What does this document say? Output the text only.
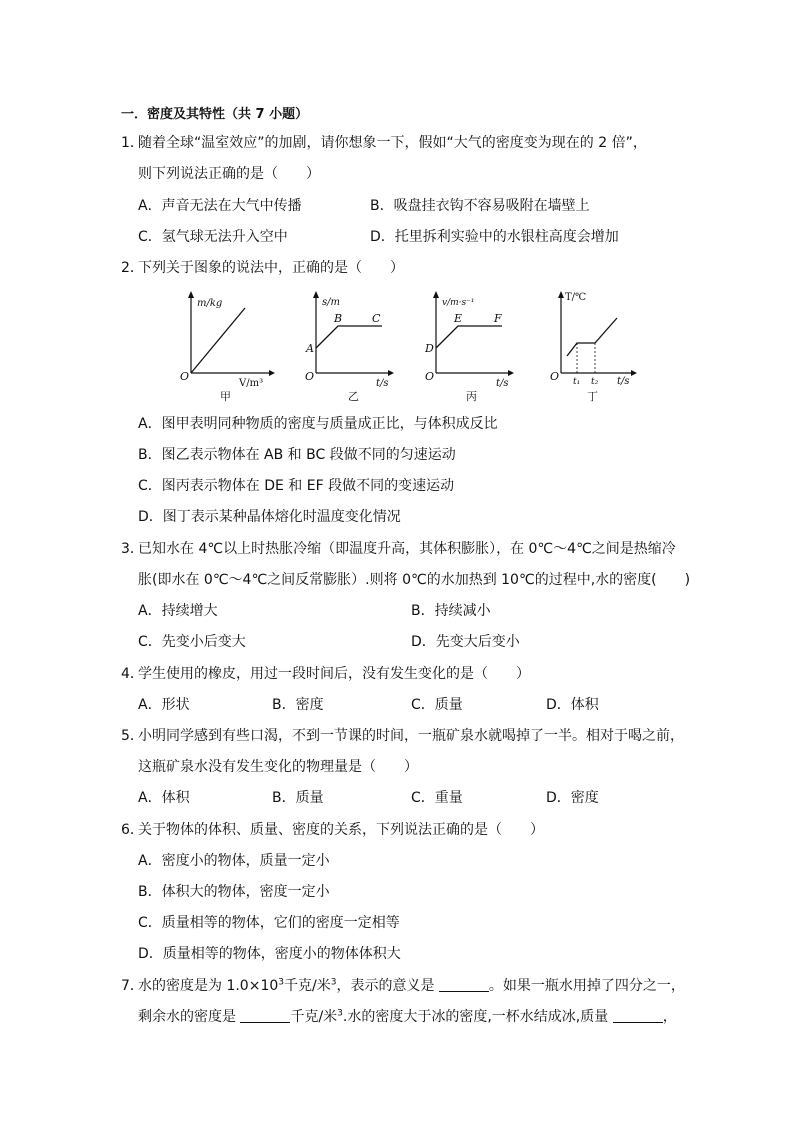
一．密度及其特性（共 7 小题）
1．
随着全球“温室效应”的加剧，请你想象一下，假如“大气的密度变为现在的 2 倍”，
则下列说法正确的是（　　）
A．声音无法在大气中传播	B．吸盘挂衣钩不容易吸附在墙壁上
C．氢气球无法升入空中	D．托里拆利实验中的水银柱高度会增加
2．
下列关于图象的说法中，正确的是（　　）
m/kg
O
V/m³
甲
s/m
A
B	C
O
t/s
乙
v/m·s⁻¹
D
E	F
O
t/s
丙
T/℃
O t₁ t₂ t/s
丁
A．图甲表明同种物质的密度与质量成正比，与体积成反比
B．图乙表示物体在 AB 和 BC 段做不同的匀速运动
C．图丙表示物体在 DE 和 EF 段做不同的变速运动
D．图丁表示某种晶体熔化时温度变化情况
3．
已知水在 4℃以上时热胀冷缩（即温度升高，其体积膨胀），在 0℃～4℃之间是热缩冷
胀(即水在 0℃～4℃之间反常膨胀）.则将 0℃的水加热到 10℃的过程中,水的密度(　　)
A．持续增大	B．持续减小
C．先变小后变大	D．先变大后变小
4．
学生使用的橡皮，用过一段时间后，没有发生变化的是（　　）
A．形状	B．密度	C．质量	D．体积
5．
小明同学感到有些口渴，不到一节课的时间，一瓶矿泉水就喝掉了一半。相对于喝之前，
这瓶矿泉水没有发生变化的物理量是（　　）
A．体积	B．质量	C．重量	D．密度
6．
关于物体的体积、质量、密度的关系，下列说法正确的是（　　）
A．密度小的物体，质量一定小
B．体积大的物体，密度一定小
C．质量相等的物体，它们的密度一定相等
D．质量相等的物体，密度小的物体体积大
7．
水的密度是为 $1.0\times 10^3$千克/米$^3$，表示的意义是	。如果一瓶水用掉了四分之一，
剩余水的密度是	千克/米$^3$.水的密度大于冰的密度,一杯水结成冰,质量	，
